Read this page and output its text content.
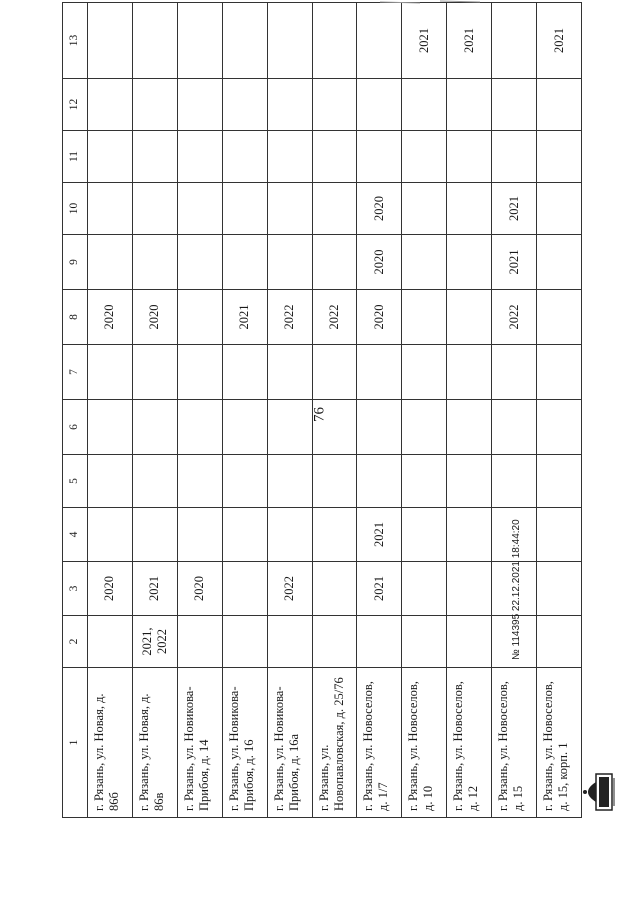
76
1	2	3	4	5	6	7	8	9	10	11	12	13
г. Рязань, ул. Новая, д. 86б		2020					2020					
г. Рязань, ул. Новая, д. 86в	2021, 2022	2021					2020					
г. Рязань, ул. Новикова-Прибоя, д. 14		2020										
г. Рязань, ул. Новикова-Прибоя, д. 16							2021					
г. Рязань, ул. Новикова-Прибоя, д. 16а		2022					2022					
г. Рязань, ул. Новопавловская, д. 25/76							2022					
г. Рязань, ул. Новоселов, д. 1/7		2021	2021				2020	2020	2020			
г. Рязань, ул. Новоселов, д. 10												2021
г. Рязань, ул. Новоселов, д. 12												2021
г. Рязань, ул. Новоселов, д. 15							2022	2021	2021			
г. Рязань, ул. Новоселов, д. 15, корп. 1												2021
№ 114395 22.12.2021 18:44:20
